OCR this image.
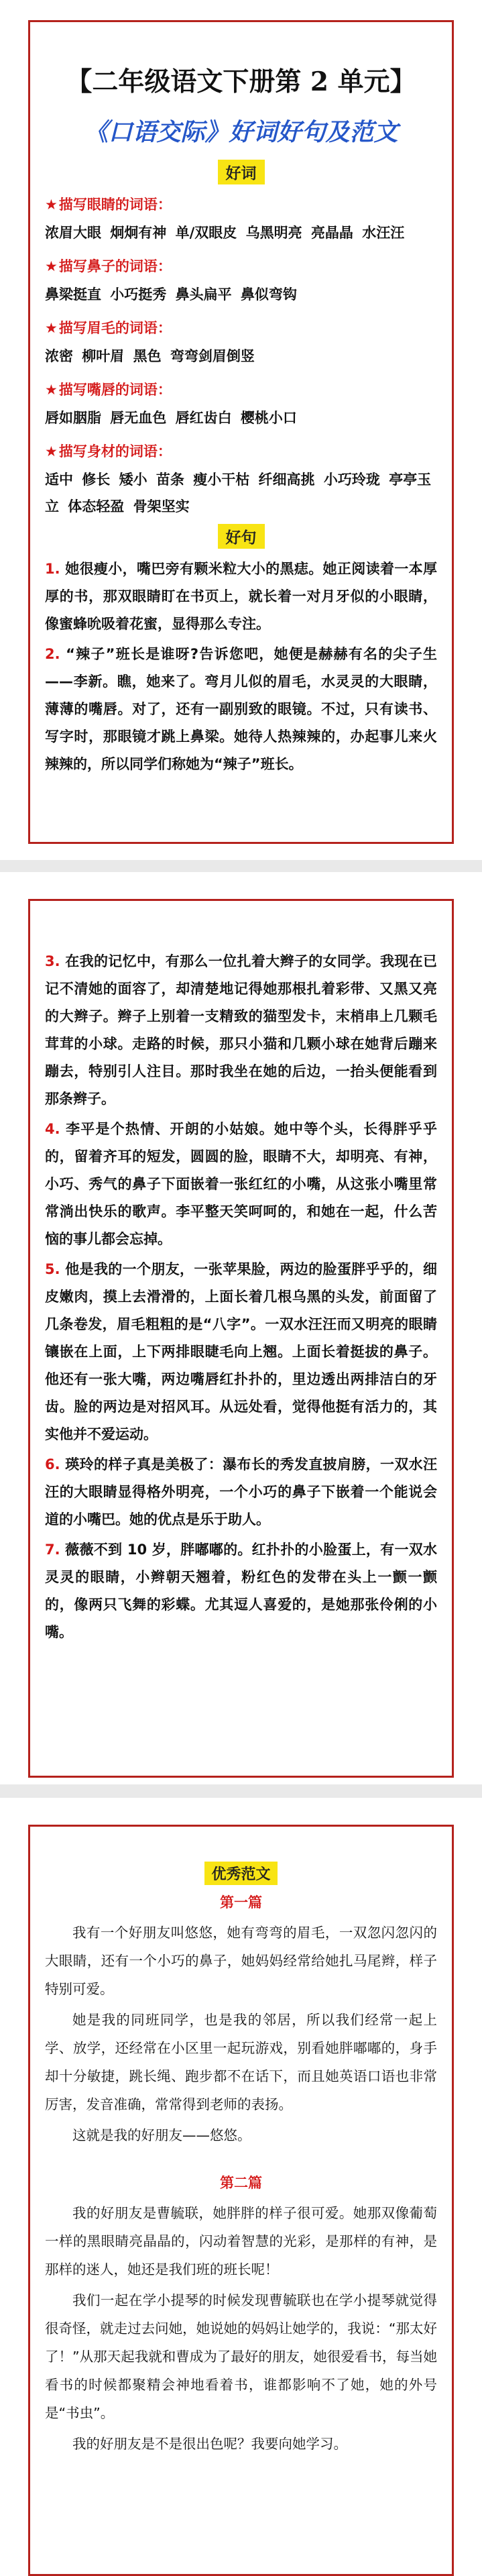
【二年级语文下册第 2 单元】
《口语交际》好词好句及范文
好词
★描写眼睛的词语：
浓眉大眼 炯炯有神 单/双眼皮 乌黑明亮 亮晶晶 水汪汪
★描写鼻子的词语：
鼻梁挺直 小巧挺秀 鼻头扁平 鼻似弯钩
★描写眉毛的词语：
浓密 柳叶眉 黑色 弯弯剑眉倒竖
★描写嘴唇的词语：
唇如胭脂 唇无血色 唇红齿白 樱桃小口
★描写身材的词语：
适中 修长 矮小 苗条 瘦小干枯 纤细高挑 小巧玲珑 亭亭玉立 体态轻盈 骨架坚实
好句

1. 她很瘦小，嘴巴旁有颗米粒大小的黑痣。她正阅读着一本厚厚的书，那双眼睛盯在书页上，就长着一对月牙似的小眼睛，像蜜蜂吮吸着花蜜，显得那么专注。

2. “辣子”班长是谁呀?告诉您吧，她便是赫赫有名的尖子生——李新。瞧，她来了。弯月儿似的眉毛，水灵灵的大眼睛，薄薄的嘴唇。对了，还有一副别致的眼镜。不过，只有读书、写字时，那眼镜才跳上鼻梁。她待人热辣辣的，办起事儿来火辣辣的，所以同学们称她为“辣子”班长。

3. 在我的记忆中，有那么一位扎着大辫子的女同学。我现在已记不清她的面容了，却清楚地记得她那根扎着彩带、又黑又亮的大辫子。辫子上别着一支精致的猫型发卡，末梢串上几颗毛茸茸的小球。走路的时候，那只小猫和几颗小球在她背后蹦来蹦去，特别引人注目。那时我坐在她的后边，一抬头便能看到那条辫子。

4. 李平是个热情、开朗的小姑娘。她中等个头，长得胖乎乎的，留着齐耳的短发，圆圆的脸，眼睛不大，却明亮、有神，小巧、秀气的鼻子下面嵌着一张红红的小嘴，从这张小嘴里常常淌出快乐的歌声。李平整天笑呵呵的，和她在一起，什么苦恼的事儿都会忘掉。

5. 他是我的一个朋友，一张苹果脸，两边的脸蛋胖乎乎的，细皮嫩肉，摸上去滑滑的，上面长着几根乌黑的头发，前面留了几条卷发，眉毛粗粗的是“八字”。一双水汪汪而又明亮的眼睛镶嵌在上面，上下两排眼睫毛向上翘。上面长着挺拔的鼻子。他还有一张大嘴，两边嘴唇红扑扑的，里边透出两排洁白的牙齿。脸的两边是对招风耳。从远处看，觉得他挺有活力的，其实他并不爱运动。

6. 瑛玲的样子真是美极了：瀑布长的秀发直披肩膀，一双水汪汪的大眼睛显得格外明亮，一个小巧的鼻子下嵌着一个能说会道的小嘴巴。她的优点是乐于助人。

7. 薇薇不到 10 岁，胖嘟嘟的。红扑扑的小脸蛋上，有一双水灵灵的眼睛，小辫朝天翘着，粉红色的发带在头上一颤一颤的，像两只飞舞的彩蝶。尤其逗人喜爱的，是她那张伶俐的小嘴。

优秀范文
第一篇

我有一个好朋友叫悠悠，她有弯弯的眉毛，一双忽闪忽闪的大眼睛，还有一个小巧的鼻子，她妈妈经常给她扎马尾辫，样子特别可爱。

她是我的同班同学，也是我的邻居，所以我们经常一起上学、放学，还经常在小区里一起玩游戏，别看她胖嘟嘟的，身手却十分敏捷，跳长绳、跑步都不在话下，而且她英语口语也非常厉害，发音准确，常常得到老师的表扬。

这就是我的好朋友——悠悠。

第二篇

我的好朋友是曹毓联，她胖胖的样子很可爱。她那双像葡萄一样的黑眼睛亮晶晶的，闪动着智慧的光彩，是那样的有神，是那样的迷人，她还是我们班的班长呢！

我们一起在学小提琴的时候发现曹毓联也在学小提琴就觉得很奇怪，就走过去问她，她说她的妈妈让她学的，我说：“那太好了！”从那天起我就和曹成为了最好的朋友，她很爱看书，每当她看书的时候都聚精会神地看着书，谁都影响不了她，她的外号是“书虫”。

我的好朋友是不是很出色呢？我要向她学习。
